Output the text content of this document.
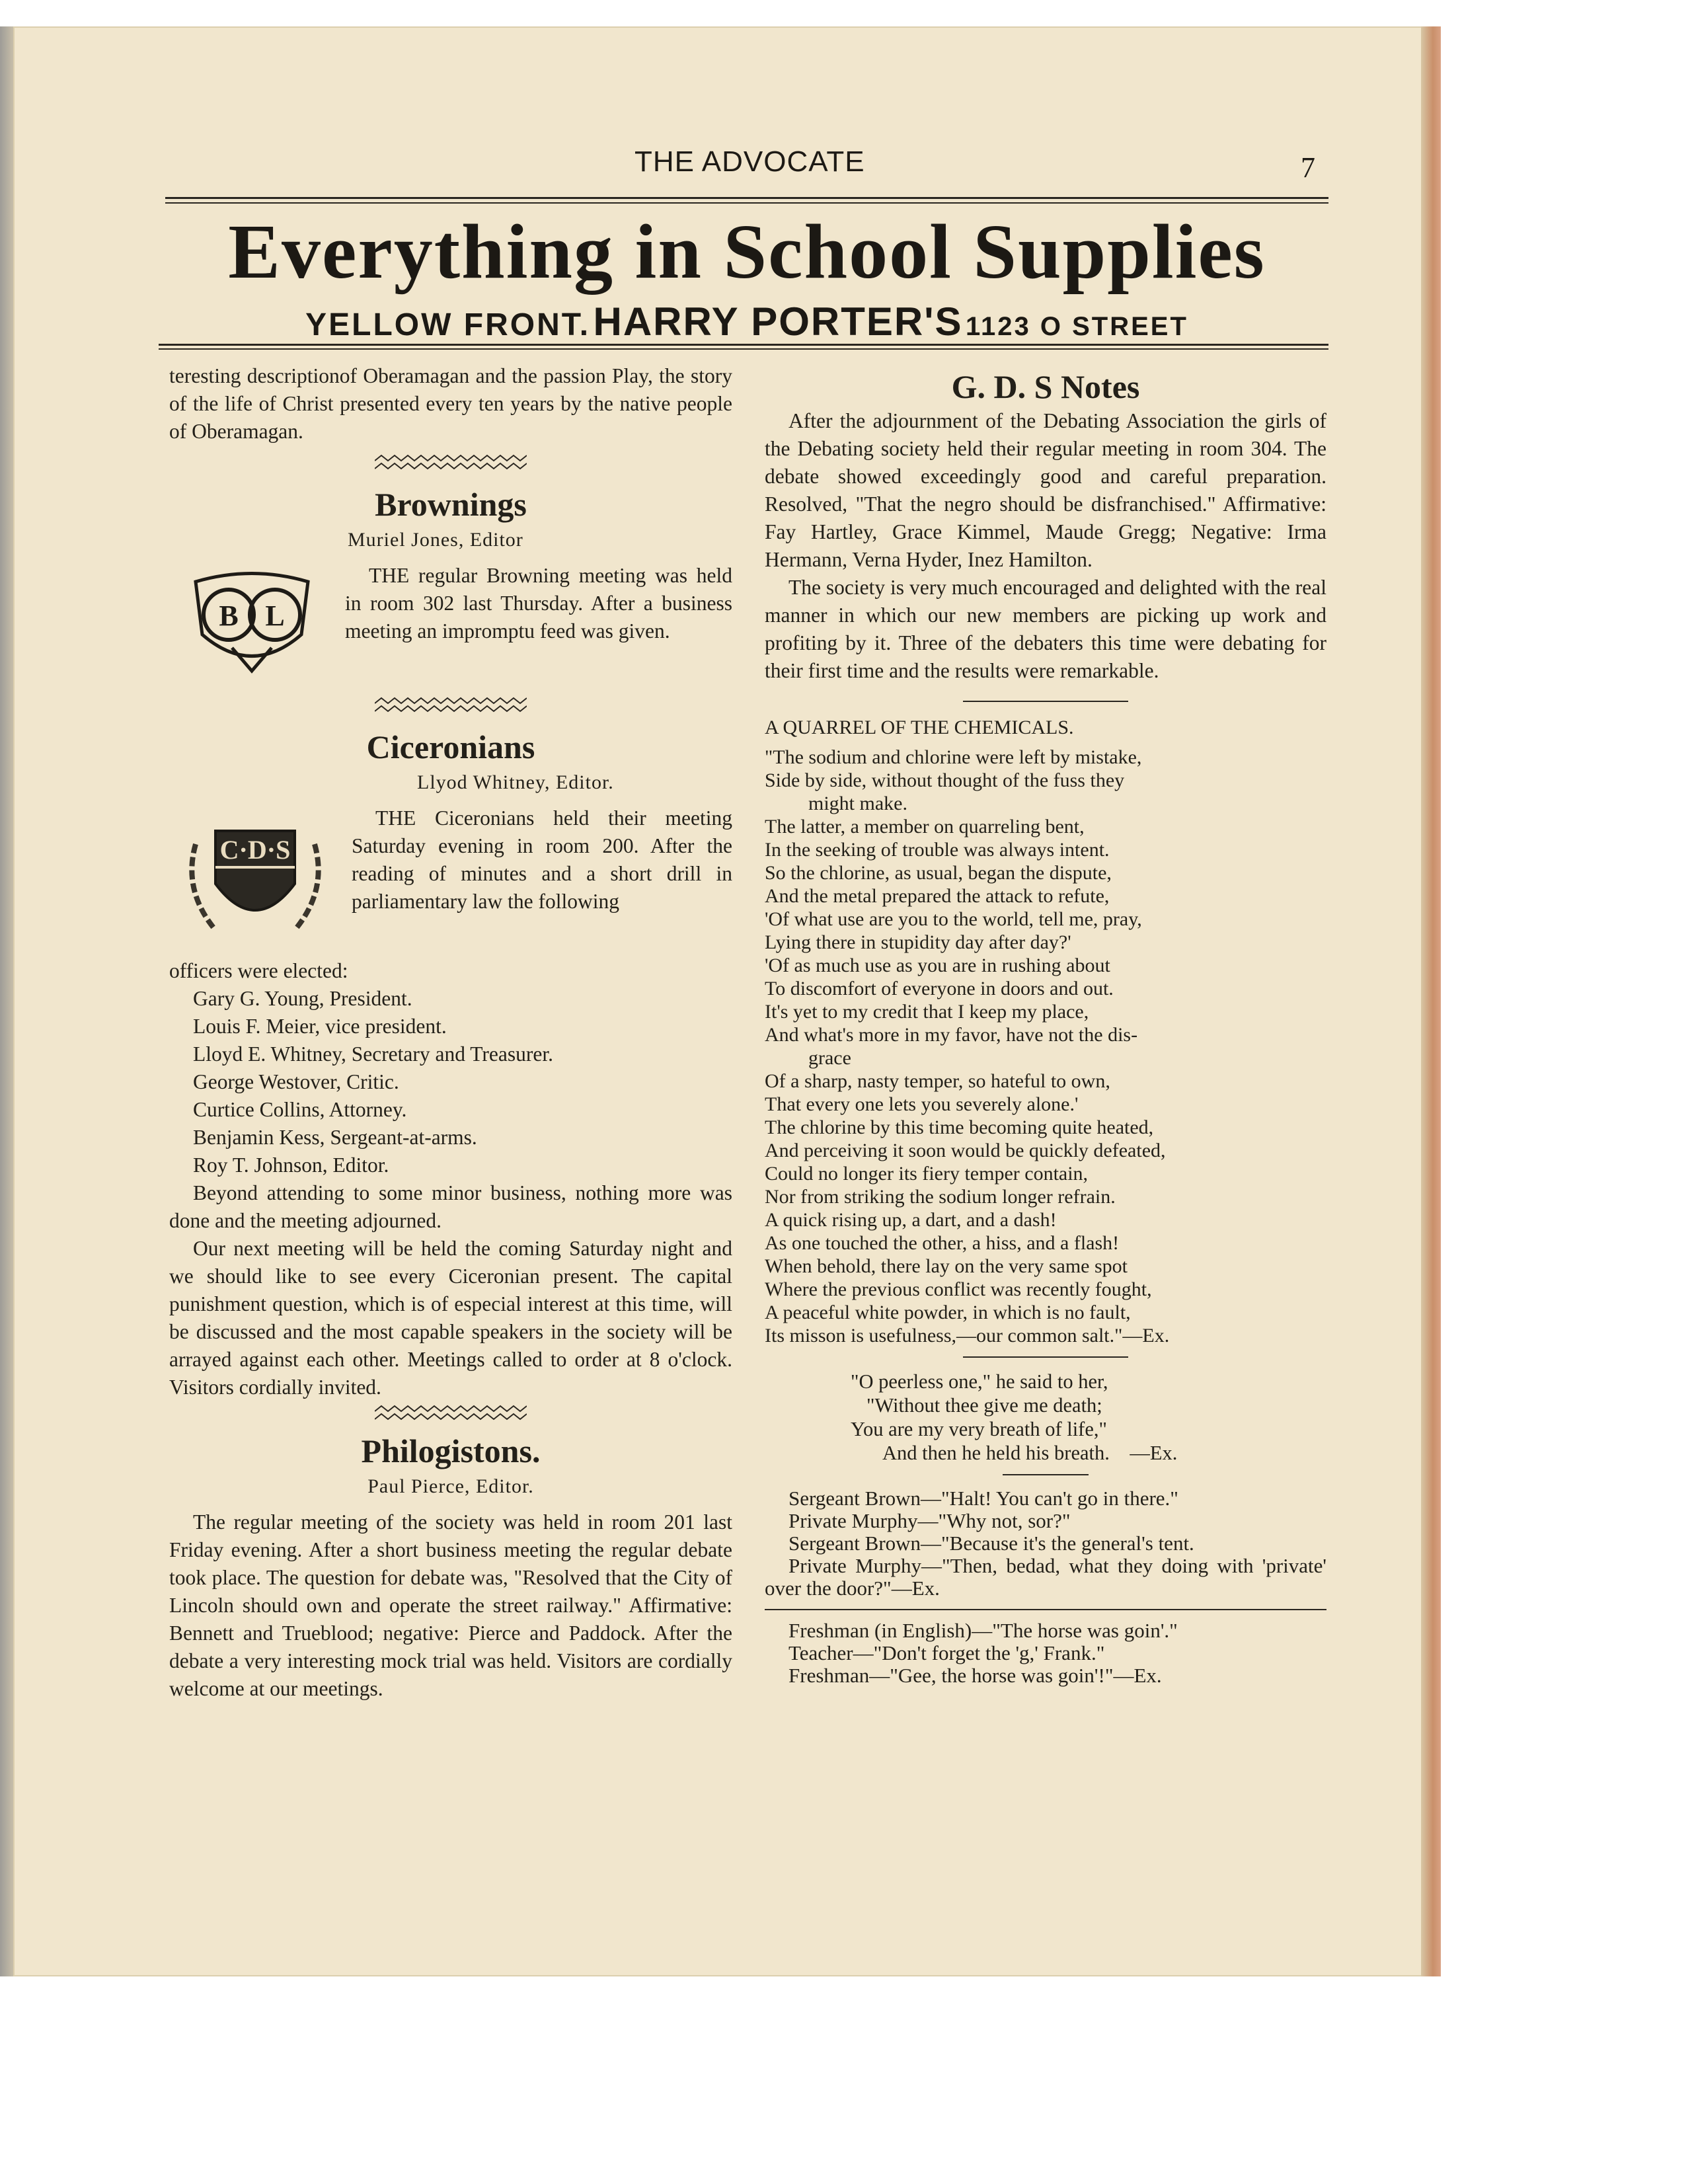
THE ADVOCATE	7
Everything in School Supplies
YELLOW FRONT. HARRY PORTER'S 1123 O STREET

teresting descriptionof Oberamagan and the passion Play, the story of the life of Christ presented every ten years by the native people of Oberamagan.

Brownings
Muriel Jones, Editor
B L

THE regular Browning meeting was held in room 302 last Thursday. After a business meeting an impromptu feed was given.

Ciceronians
Llyod Whitney, Editor.
C·D·S

THE Ciceronians held their meeting Saturday evening in room 200. After the reading of minutes and a short drill in parliamentary law the following

officers were elected:

Gary G. Young, President.

Louis F. Meier, vice president.

Lloyd E. Whitney, Secretary and Treasurer.

George Westover, Critic.

Curtice Collins, Attorney.

Benjamin Kess, Sergeant-at-arms.

Roy T. Johnson, Editor.

Beyond attending to some minor business, nothing more was done and the meeting adjourned.

Our next meeting will be held the coming Saturday night and we should like to see every Ciceronian present. The capital punishment question, which is of especial interest at this time, will be discussed and the most capable speakers in the society will be arrayed against each other. Meetings called to order at 8 o'clock. Visitors cordially invited.

Philogistons.
Paul Pierce, Editor.

The regular meeting of the society was held in room 201 last Friday evening. After a short business meeting the regular debate took place. The question for debate was, "Resolved that the City of Lincoln should own and operate the street railway." Affirmative: Bennett and Trueblood; negative: Pierce and Paddock. After the debate a very interesting mock trial was held. Visitors are cordially welcome at our meetings.

G. D. S Notes

After the adjournment of the Debating Association the girls of the Debating society held their regular meeting in room 304. The debate showed exceedingly good and careful preparation. Resolved, "That the negro should be disfranchised." Affirmative: Fay Hartley, Grace Kimmel, Maude Gregg; Negative: Irma Hermann, Verna Hyder, Inez Hamilton.

The society is very much encouraged and delighted with the real manner in which our new members are picking up work and profiting by it. Three of the debaters this time were debating for their first time and the results were remarkable.

A QUARREL OF THE CHEMICALS.

"The sodium and chlorine were left by mistake,

Side by side, without thought of the fuss they

might make.

The latter, a member on quarreling bent,

In the seeking of trouble was always intent.

So the chlorine, as usual, began the dispute,

And the metal prepared the attack to refute,

'Of what use are you to the world, tell me, pray,

Lying there in stupidity day after day?'

'Of as much use as you are in rushing about

To discomfort of everyone in doors and out.

It's yet to my credit that I keep my place,

And what's more in my favor, have not the dis-

grace

Of a sharp, nasty temper, so hateful to own,

That every one lets you severely alone.'

The chlorine by this time becoming quite heated,

And perceiving it soon would be quickly defeated,

Could no longer its fiery temper contain,

Nor from striking the sodium longer refrain.

A quick rising up, a dart, and a dash!

As one touched the other, a hiss, and a flash!

When behold, there lay on the very same spot

Where the previous conflict was recently fought,

A peaceful white powder, in which is no fault,

Its misson is usefulness,—our common salt."—Ex.

"O peerless one," he said to her,

"Without thee give me death;

You are my very breath of life,"

And then he held his breath.    —Ex.

Sergeant Brown—"Halt! You can't go in there."

Private Murphy—"Why not, sor?"

Sergeant Brown—"Because it's the general's tent.

Private Murphy—"Then, bedad, what they doing with 'private' over the door?"—Ex.

Freshman (in English)—"The horse was goin'."

Teacher—"Don't forget the 'g,' Frank."

Freshman—"Gee, the horse was goin'!"—Ex.
